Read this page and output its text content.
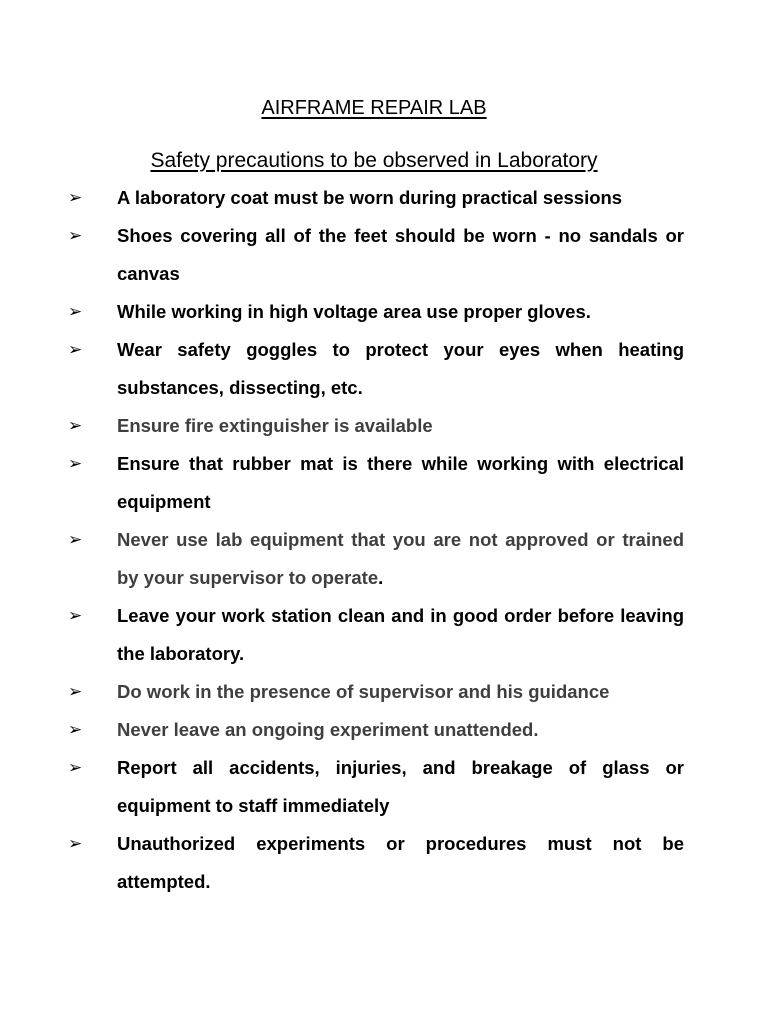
AIRFRAME REPAIR LAB
Safety precautions to be observed in Laboratory
➢ A laboratory coat must be worn during practical sessions
➢ Shoes covering all of the feet should be worn - no sandals or canvas
➢ While working in high voltage area use proper gloves.
➢ Wear safety goggles to protect your eyes when heating substances, dissecting, etc.
➢ Ensure fire extinguisher is available
➢ Ensure that rubber mat is there while working with electrical equipment
➢ Never use lab equipment that you are not approved or trained by your supervisor to operate.
➢ Leave your work station clean and in good order before leaving the laboratory.
➢ Do work in the presence of supervisor and his guidance
➢ Never leave an ongoing experiment unattended.
➢ Report all accidents, injuries, and breakage of glass or equipment to staff immediately
➢ Unauthorized experiments or procedures must not be attempted.
